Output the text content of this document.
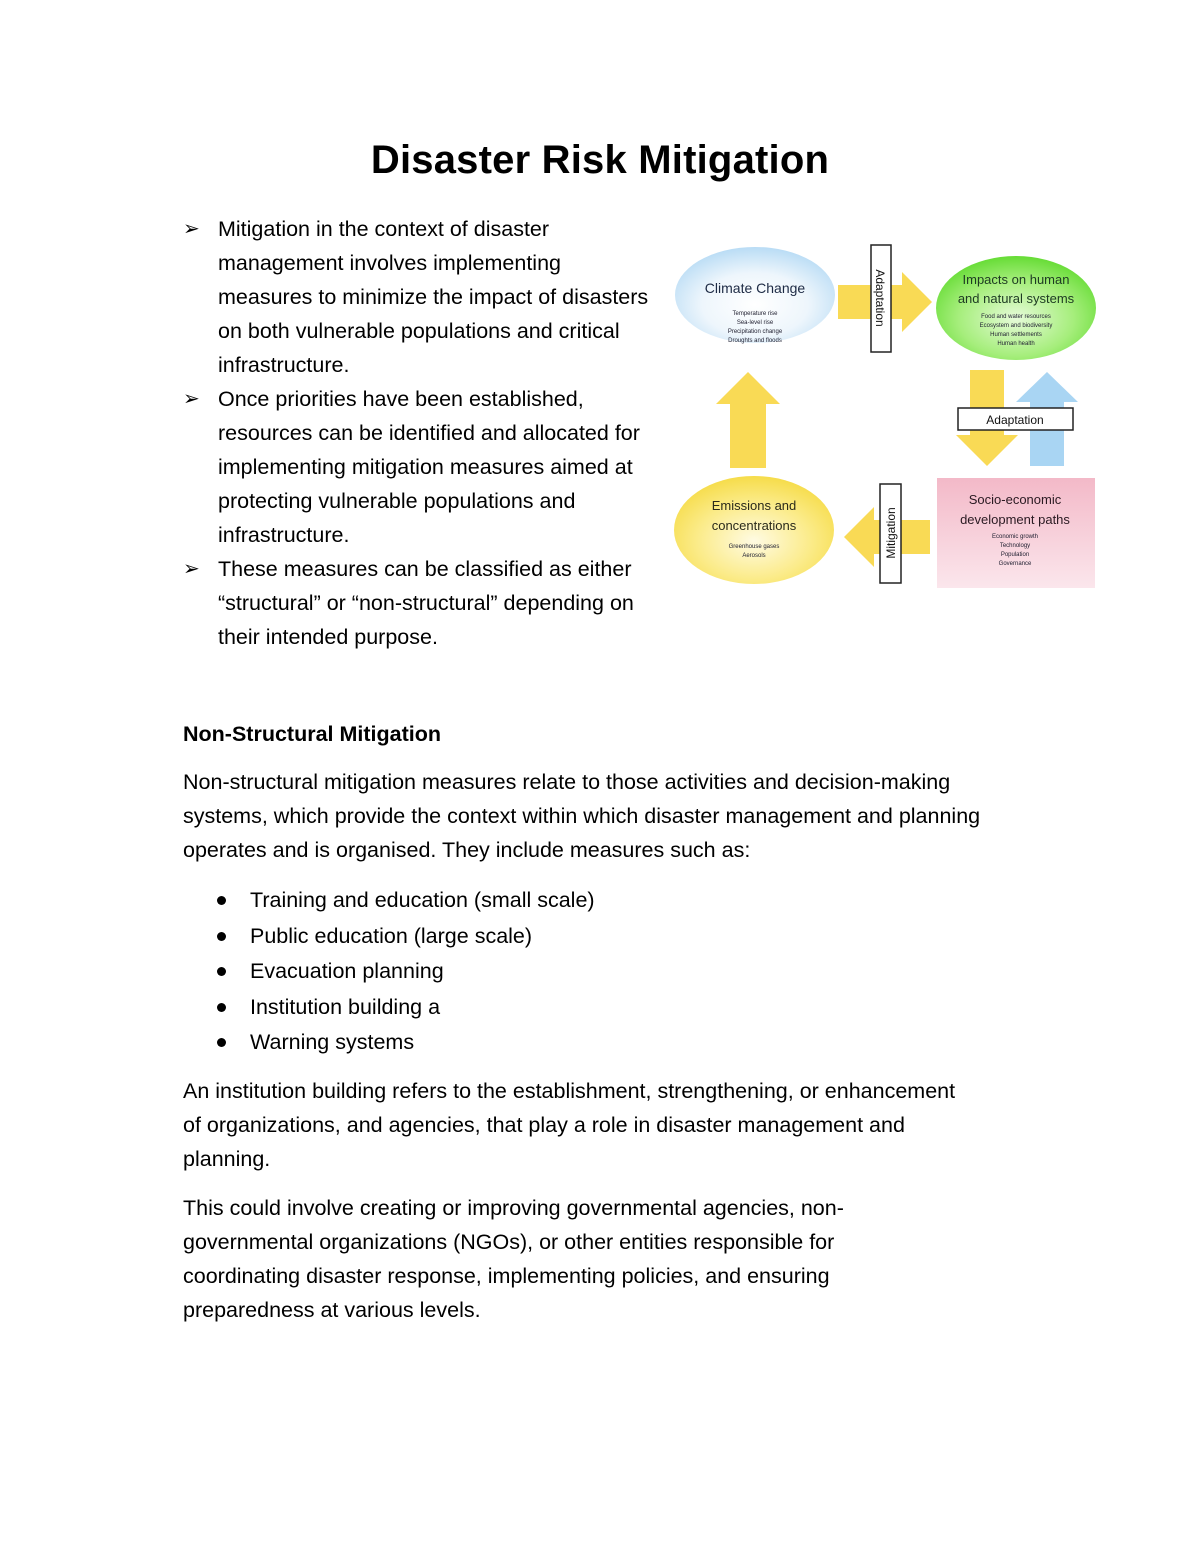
Disaster Risk Mitigation
➢ Mitigation in the context of disaster management involves implementing measures to minimize the impact of disasters on both vulnerable populations and critical infrastructure.
➢ Once priorities have been established, resources can be identified and allocated for implementing mitigation measures aimed at protecting vulnerable populations and infrastructure.
➢ These measures can be classified as either “structural” or “non-structural” depending on their intended purpose.
Climate Change
Temperature rise
Sea-level rise
Precipitation change
Droughts and floods
Impacts on human
and natural systems
Food and water resources
Ecosystem and biodiversity
Human settlements
Human health
Emissions and
concentrations
Greenhouse gases
Aerosols
Socio-economic
development paths
Economic growth
Technology
Population
Governance
Adaptation
Adaptation
Mitigation
Non-Structural Mitigation

Non-structural mitigation measures relate to those activities and decision-making systems, which provide the context within which disaster management and planning operates and is organised. They include measures such as:

Training and education (small scale)
Public education (large scale)
Evacuation planning
Institution building a
Warning systems

An institution building refers to the establishment, strengthening, or enhancement of organizations, and agencies, that play a role in disaster management and planning.

This could involve creating or improving governmental agencies, non-governmental organizations (NGOs), or other entities responsible for coordinating disaster response, implementing policies, and ensuring preparedness at various levels.
